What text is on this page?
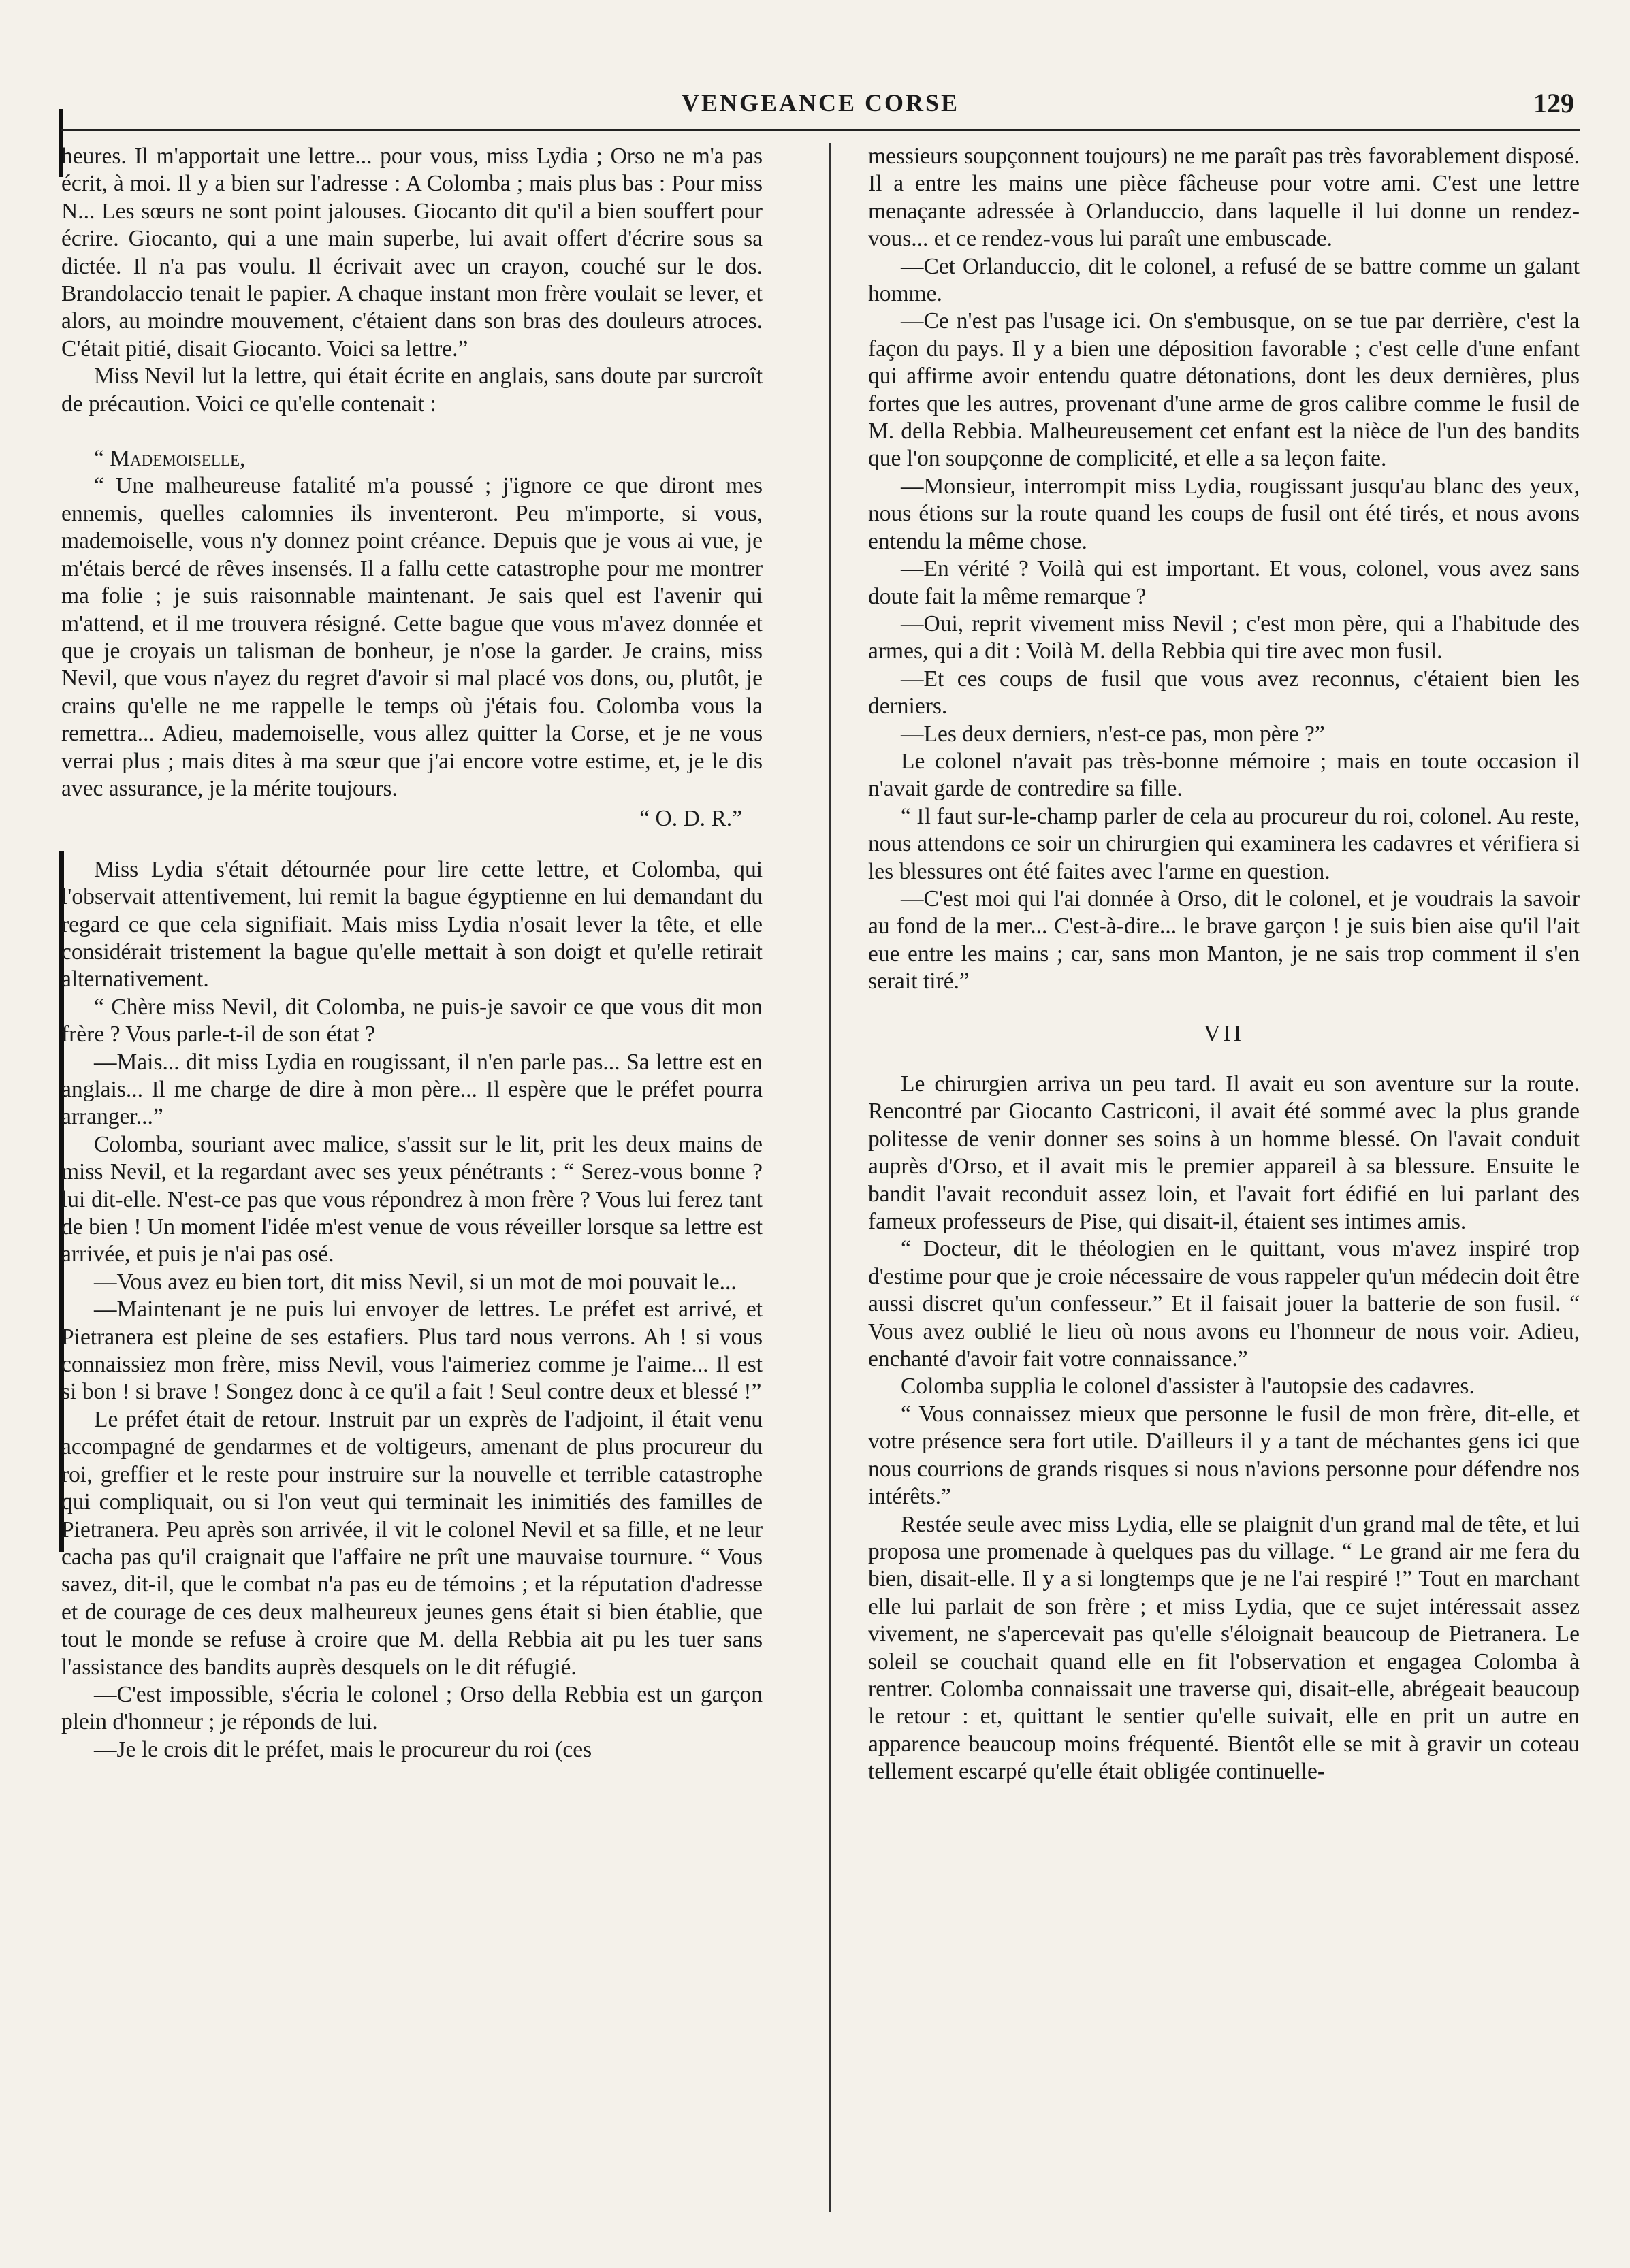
VENGEANCE CORSE	129

heures. Il m'apportait une lettre... pour vous, miss Lydia ; Orso ne m'a pas écrit, à moi. Il y a bien sur l'adresse : A Colomba ; mais plus bas : Pour miss N... Les sœurs ne sont point jalouses. Giocanto dit qu'il a bien souffert pour écrire. Giocanto, qui a une main superbe, lui avait offert d'écrire sous sa dictée. Il n'a pas voulu. Il écrivait avec un crayon, couché sur le dos. Brandolaccio tenait le papier. A chaque instant mon frère voulait se lever, et alors, au moindre mouvement, c'étaient dans son bras des douleurs atroces. C'était pitié, disait Giocanto. Voici sa lettre.”

Miss Nevil lut la lettre, qui était écrite en anglais, sans doute par surcroît de précaution. Voici ce qu'elle contenait :

“ Mademoiselle,

“ Une malheureuse fatalité m'a poussé ; j'ignore ce que diront mes ennemis, quelles calomnies ils inventeront. Peu m'importe, si vous, mademoiselle, vous n'y donnez point créance. Depuis que je vous ai vue, je m'étais bercé de rêves insensés. Il a fallu cette catastrophe pour me montrer ma folie ; je suis raisonnable maintenant. Je sais quel est l'avenir qui m'attend, et il me trouvera résigné. Cette bague que vous m'avez donnée et que je croyais un talisman de bonheur, je n'ose la garder. Je crains, miss Nevil, que vous n'ayez du regret d'avoir si mal placé vos dons, ou, plutôt, je crains qu'elle ne me rappelle le temps où j'étais fou. Colomba vous la remettra... Adieu, mademoiselle, vous allez quitter la Corse, et je ne vous verrai plus ; mais dites à ma sœur que j'ai encore votre estime, et, je le dis avec assurance, je la mérite toujours.

“ O. D. R.”

Miss Lydia s'était détournée pour lire cette lettre, et Colomba, qui l'observait attentivement, lui remit la bague égyptienne en lui demandant du regard ce que cela signifiait. Mais miss Lydia n'osait lever la tête, et elle considérait tristement la bague qu'elle mettait à son doigt et qu'elle retirait alternativement.

“ Chère miss Nevil, dit Colomba, ne puis-je savoir ce que vous dit mon frère ? Vous parle-t-il de son état ?

—Mais... dit miss Lydia en rougissant, il n'en parle pas... Sa lettre est en anglais... Il me charge de dire à mon père... Il espère que le préfet pourra arranger...”

Colomba, souriant avec malice, s'assit sur le lit, prit les deux mains de miss Nevil, et la regardant avec ses yeux pénétrants : “ Serez-vous bonne ? lui dit-elle. N'est-ce pas que vous répondrez à mon frère ? Vous lui ferez tant de bien ! Un moment l'idée m'est venue de vous réveiller lorsque sa lettre est arrivée, et puis je n'ai pas osé.

—Vous avez eu bien tort, dit miss Nevil, si un mot de moi pouvait le...

—Maintenant je ne puis lui envoyer de lettres. Le préfet est arrivé, et Pietranera est pleine de ses estafiers. Plus tard nous verrons. Ah ! si vous connaissiez mon frère, miss Nevil, vous l'aimeriez comme je l'aime... Il est si bon ! si brave ! Songez donc à ce qu'il a fait ! Seul contre deux et blessé !”

Le préfet était de retour. Instruit par un exprès de l'adjoint, il était venu accompagné de gendarmes et de voltigeurs, amenant de plus procureur du roi, greffier et le reste pour instruire sur la nouvelle et terrible catastrophe qui compliquait, ou si l'on veut qui terminait les inimitiés des familles de Pietranera. Peu après son arrivée, il vit le colonel Nevil et sa fille, et ne leur cacha pas qu'il craignait que l'affaire ne prît une mauvaise tournure. “ Vous savez, dit-il, que le combat n'a pas eu de témoins ; et la réputation d'adresse et de courage de ces deux malheureux jeunes gens était si bien établie, que tout le monde se refuse à croire que M. della Rebbia ait pu les tuer sans l'assistance des bandits auprès desquels on le dit réfugié.

—C'est impossible, s'écria le colonel ; Orso della Rebbia est un garçon plein d'honneur ; je réponds de lui.

—Je le crois dit le préfet, mais le procureur du roi (ces

messieurs soupçonnent toujours) ne me paraît pas très favorablement disposé. Il a entre les mains une pièce fâcheuse pour votre ami. C'est une lettre menaçante adressée à Orlanduccio, dans laquelle il lui donne un rendez-vous... et ce rendez-vous lui paraît une embuscade.

—Cet Orlanduccio, dit le colonel, a refusé de se battre comme un galant homme.

—Ce n'est pas l'usage ici. On s'embusque, on se tue par derrière, c'est la façon du pays. Il y a bien une déposition favorable ; c'est celle d'une enfant qui affirme avoir entendu quatre détonations, dont les deux dernières, plus fortes que les autres, provenant d'une arme de gros calibre comme le fusil de M. della Rebbia. Malheureusement cet enfant est la nièce de l'un des bandits que l'on soupçonne de complicité, et elle a sa leçon faite.

—Monsieur, interrompit miss Lydia, rougissant jusqu'au blanc des yeux, nous étions sur la route quand les coups de fusil ont été tirés, et nous avons entendu la même chose.

—En vérité ? Voilà qui est important. Et vous, colonel, vous avez sans doute fait la même remarque ?

—Oui, reprit vivement miss Nevil ; c'est mon père, qui a l'habitude des armes, qui a dit : Voilà M. della Rebbia qui tire avec mon fusil.

—Et ces coups de fusil que vous avez reconnus, c'étaient bien les derniers.

—Les deux derniers, n'est-ce pas, mon père ?”

Le colonel n'avait pas très-bonne mémoire ; mais en toute occasion il n'avait garde de contredire sa fille.

“ Il faut sur-le-champ parler de cela au procureur du roi, colonel. Au reste, nous attendons ce soir un chirurgien qui examinera les cadavres et vérifiera si les blessures ont été faites avec l'arme en question.

—C'est moi qui l'ai donnée à Orso, dit le colonel, et je voudrais la savoir au fond de la mer... C'est-à-dire... le brave garçon ! je suis bien aise qu'il l'ait eue entre les mains ; car, sans mon Manton, je ne sais trop comment il s'en serait tiré.”

VII

Le chirurgien arriva un peu tard. Il avait eu son aventure sur la route. Rencontré par Giocanto Castriconi, il avait été sommé avec la plus grande politesse de venir donner ses soins à un homme blessé. On l'avait conduit auprès d'Orso, et il avait mis le premier appareil à sa blessure. Ensuite le bandit l'avait reconduit assez loin, et l'avait fort édifié en lui parlant des fameux professeurs de Pise, qui disait-il, étaient ses intimes amis.

“ Docteur, dit le théologien en le quittant, vous m'avez inspiré trop d'estime pour que je croie nécessaire de vous rappeler qu'un médecin doit être aussi discret qu'un confesseur.” Et il faisait jouer la batterie de son fusil. “ Vous avez oublié le lieu où nous avons eu l'honneur de nous voir. Adieu, enchanté d'avoir fait votre connaissance.”

Colomba supplia le colonel d'assister à l'autopsie des cadavres.

“ Vous connaissez mieux que personne le fusil de mon frère, dit-elle, et votre présence sera fort utile. D'ailleurs il y a tant de méchantes gens ici que nous courrions de grands risques si nous n'avions personne pour défendre nos intérêts.”

Restée seule avec miss Lydia, elle se plaignit d'un grand mal de tête, et lui proposa une promenade à quelques pas du village. “ Le grand air me fera du bien, disait-elle. Il y a si longtemps que je ne l'ai respiré !” Tout en marchant elle lui parlait de son frère ; et miss Lydia, que ce sujet intéressait assez vivement, ne s'apercevait pas qu'elle s'éloignait beaucoup de Pietranera. Le soleil se couchait quand elle en fit l'observation et engagea Colomba à rentrer. Colomba connaissait une traverse qui, disait-elle, abrégeait beaucoup le retour : et, quittant le sentier qu'elle suivait, elle en prit un autre en apparence beaucoup moins fréquenté. Bientôt elle se mit à gravir un coteau tellement escarpé qu'elle était obligée continuelle-
